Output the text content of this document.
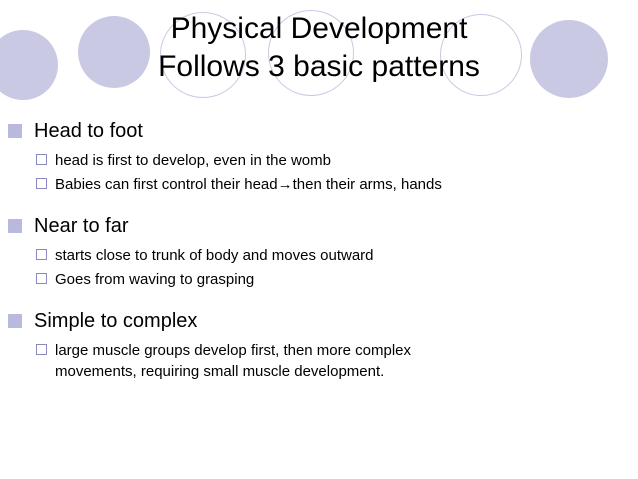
Physical Development
Follows 3 basic patterns
Head to foot
head is first to develop, even in the womb
Babies can first control their head→then their arms, hands
Near to far
starts close to trunk of body and moves outward
Goes from waving to grasping
Simple to complex
large muscle groups develop first, then more complex movements, requiring small muscle development.
